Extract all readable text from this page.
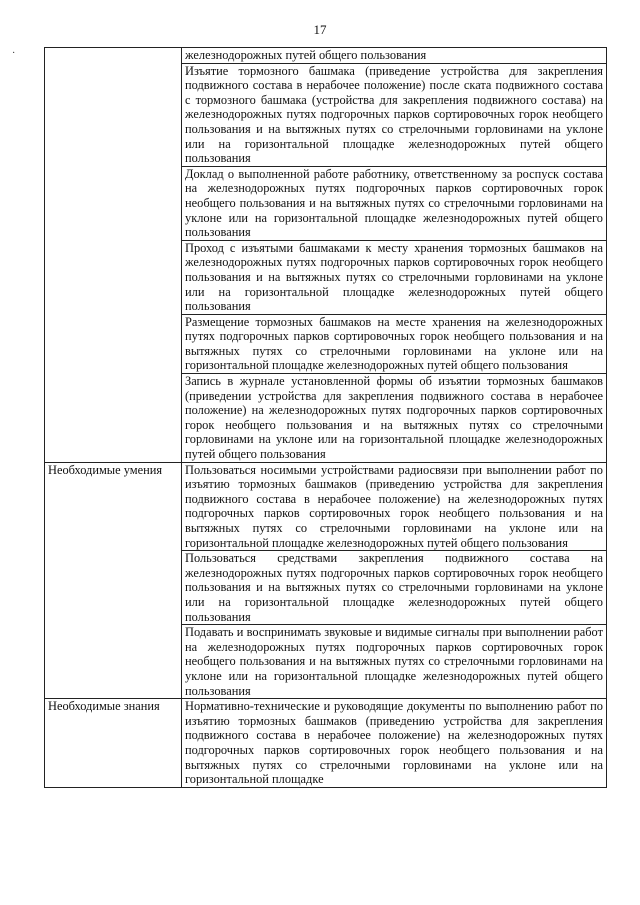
17
·
		железнодорожных путей общего пользования
	Изъятие тормозного башмака (приведение устройства для закрепления подвижного состава в нерабочее положение) после ската подвижного состава с тормозного башмака (устройства для закрепления подвижного состава) на железнодорожных путях подгорочных парков сортировочных горок необщего пользования и на вытяжных путях со стрелочными горловинами на уклоне или на горизонтальной площадке железнодорожных путей общего пользования
	Доклад о выполненной работе работнику, ответственному за роспуск состава на железнодорожных путях подгорочных парков сортировочных горок необщего пользования и на вытяжных путях со стрелочными горловинами на уклоне или на горизонтальной площадке железнодорожных путей общего пользования
	Проход с изъятыми башмаками к месту хранения тормозных башмаков на железнодорожных путях подгорочных парков сортировочных горок необщего пользования и на вытяжных путях со стрелочными горловинами на уклоне или на горизонтальной площадке железнодорожных путей общего пользования
	Размещение тормозных башмаков на месте хранения на железнодорожных путях подгорочных парков сортировочных горок необщего пользования и на вытяжных путях со стрелочными горловинами на уклоне или на горизонтальной площадке железнодорожных путей общего пользования
	Запись в журнале установленной формы об изъятии тормозных башмаков (приведении устройства для закрепления подвижного состава в нерабочее положение) на железнодорожных путях подгорочных парков сортировочных горок необщего пользования и на вытяжных путях со стрелочными горловинами на уклоне или на горизонтальной площадке железнодорожных путей общего пользования
Необходимые умения	Пользоваться носимыми устройствами радиосвязи при выполнении работ по изъятию тормозных башмаков (приведению устройства для закрепления подвижного состава в нерабочее положение) на железнодорожных путях подгорочных парков сортировочных горок необщего пользования и на вытяжных путях со стрелочными горловинами на уклоне или на горизонтальной площадке железнодорожных путей общего пользования
	Пользоваться средствами закрепления подвижного состава на железнодорожных путях подгорочных парков сортировочных горок необщего пользования и на вытяжных путях со стрелочными горловинами на уклоне или на горизонтальной площадке железнодорожных путей общего пользования
	Подавать и воспринимать звуковые и видимые сигналы при выполнении работ на железнодорожных путях подгорочных парков сортировочных горок необщего пользования и на вытяжных путях со стрелочными горловинами на уклоне или на горизонтальной площадке железнодорожных путей общего пользования
Необходимые знания	Нормативно-технические и руководящие документы по выполнению работ по изъятию тормозных башмаков (приведению устройства для закрепления подвижного состава в нерабочее положение) на железнодорожных путях подгорочных парков сортировочных горок необщего пользования и на вытяжных путях со стрелочными горловинами на уклоне или на горизонтальной площадке
